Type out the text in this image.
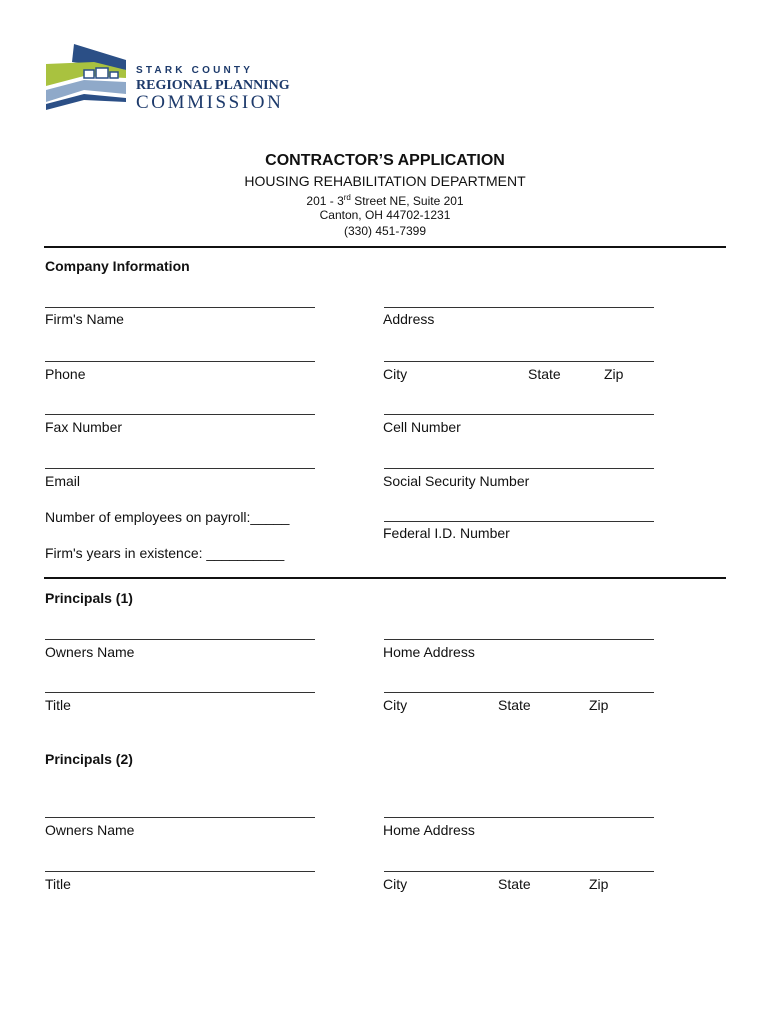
STARK COUNTY
REGIONAL PLANNING
COMMISSION
CONTRACTOR’S APPLICATION
HOUSING REHABILITATION DEPARTMENT
201 - 3rd Street NE, Suite 201
Canton, OH 44702-1231
(330) 451-7399
Company Information
Firm's Name	Address
Phone	City	State	Zip
Fax Number	Cell Number
Email	Social Security Number
Number of employees on payroll:_____
Federal I.D. Number
Firm's years in existence: __________
Principals (1)
Owners Name	Home Address
Title	City	State	Zip
Principals (2)
Owners Name	Home Address
Title	City	State	Zip
